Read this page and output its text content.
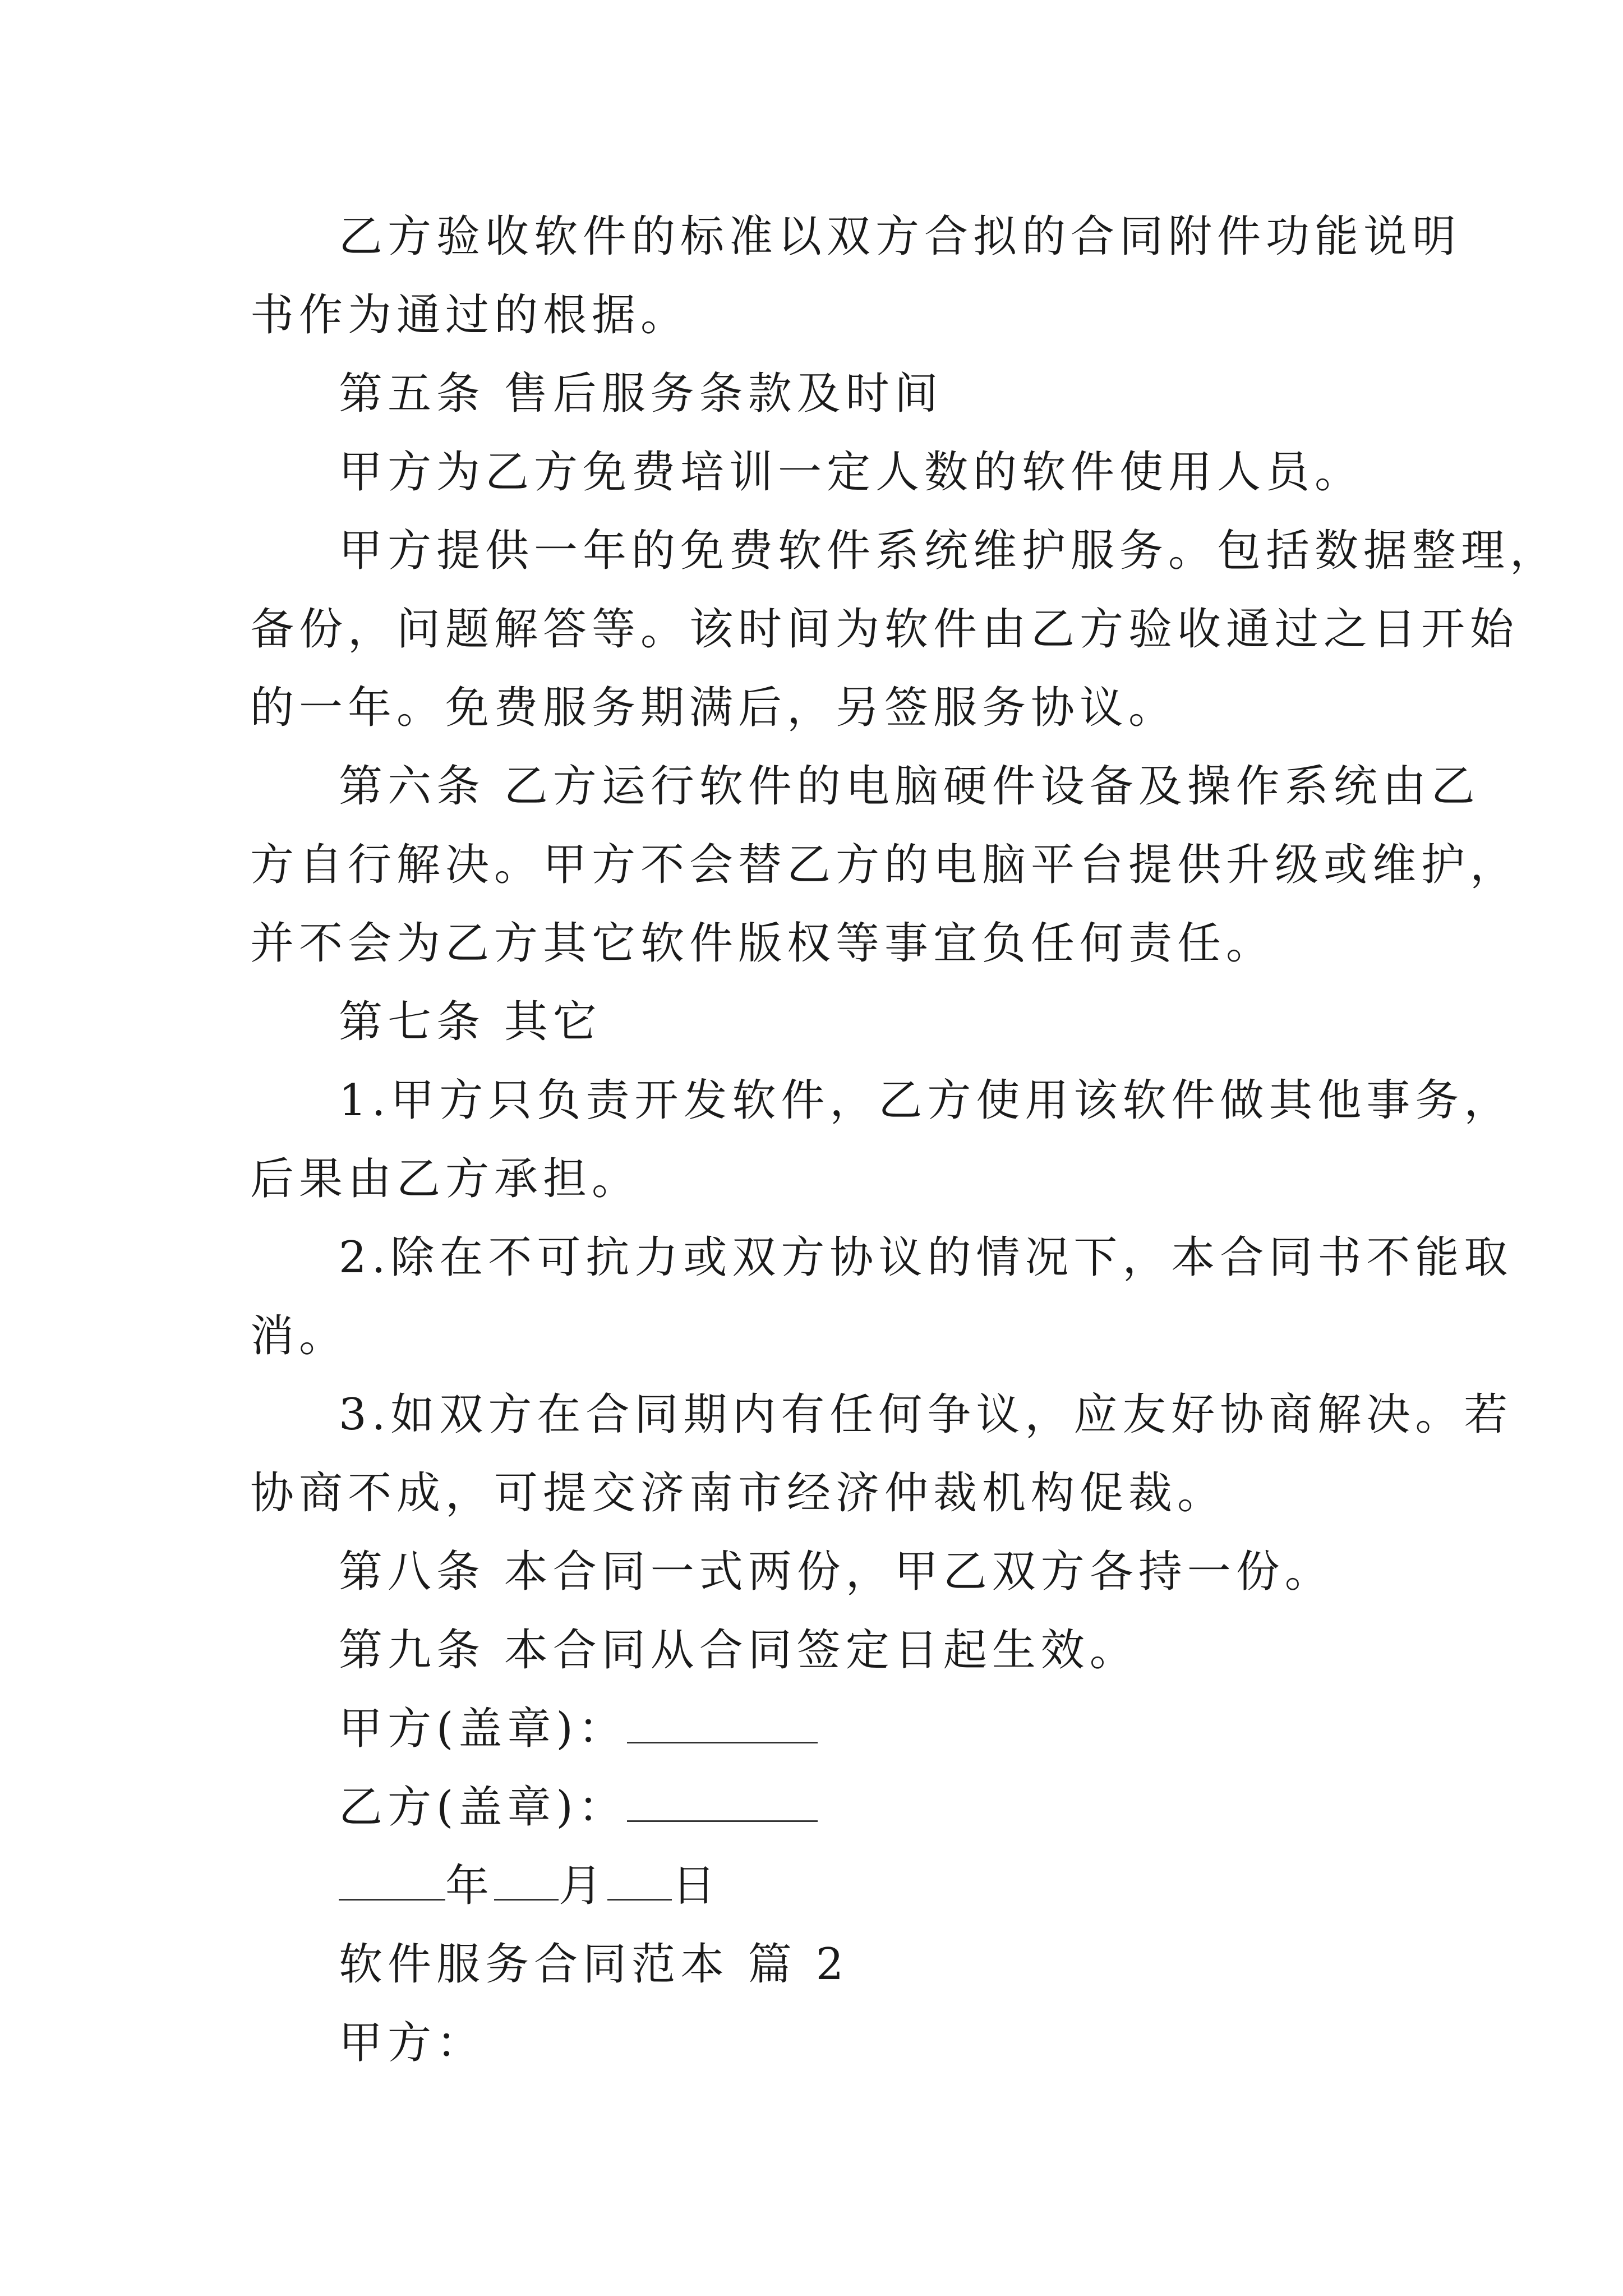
乙方验收软件的标准以双方合拟的合同附件功能说明
书作为通过的根据。
第五条 售后服务条款及时间
甲方为乙方免费培训一定人数的软件使用人员。
甲方提供一年的免费软件系统维护服务。包括数据整理，
备份，问题解答等。该时间为软件由乙方验收通过之日开始
的一年。免费服务期满后，另签服务协议。
第六条 乙方运行软件的电脑硬件设备及操作系统由乙
方自行解决。甲方不会替乙方的电脑平台提供升级或维护，
并不会为乙方其它软件版权等事宜负任何责任。
第七条 其它
1.甲方只负责开发软件，乙方使用该软件做其他事务，
后果由乙方承担。
2.除在不可抗力或双方协议的情况下，本合同书不能取
消。
3.如双方在合同期内有任何争议，应友好协商解决。若
协商不成，可提交济南市经济仲裁机构促裁。
第八条 本合同一式两份，甲乙双方各持一份。
第九条 本合同从合同签定日起生效。
甲方(盖章)：
乙方(盖章)：
年 月 日
软件服务合同范本 篇 2
甲方：
